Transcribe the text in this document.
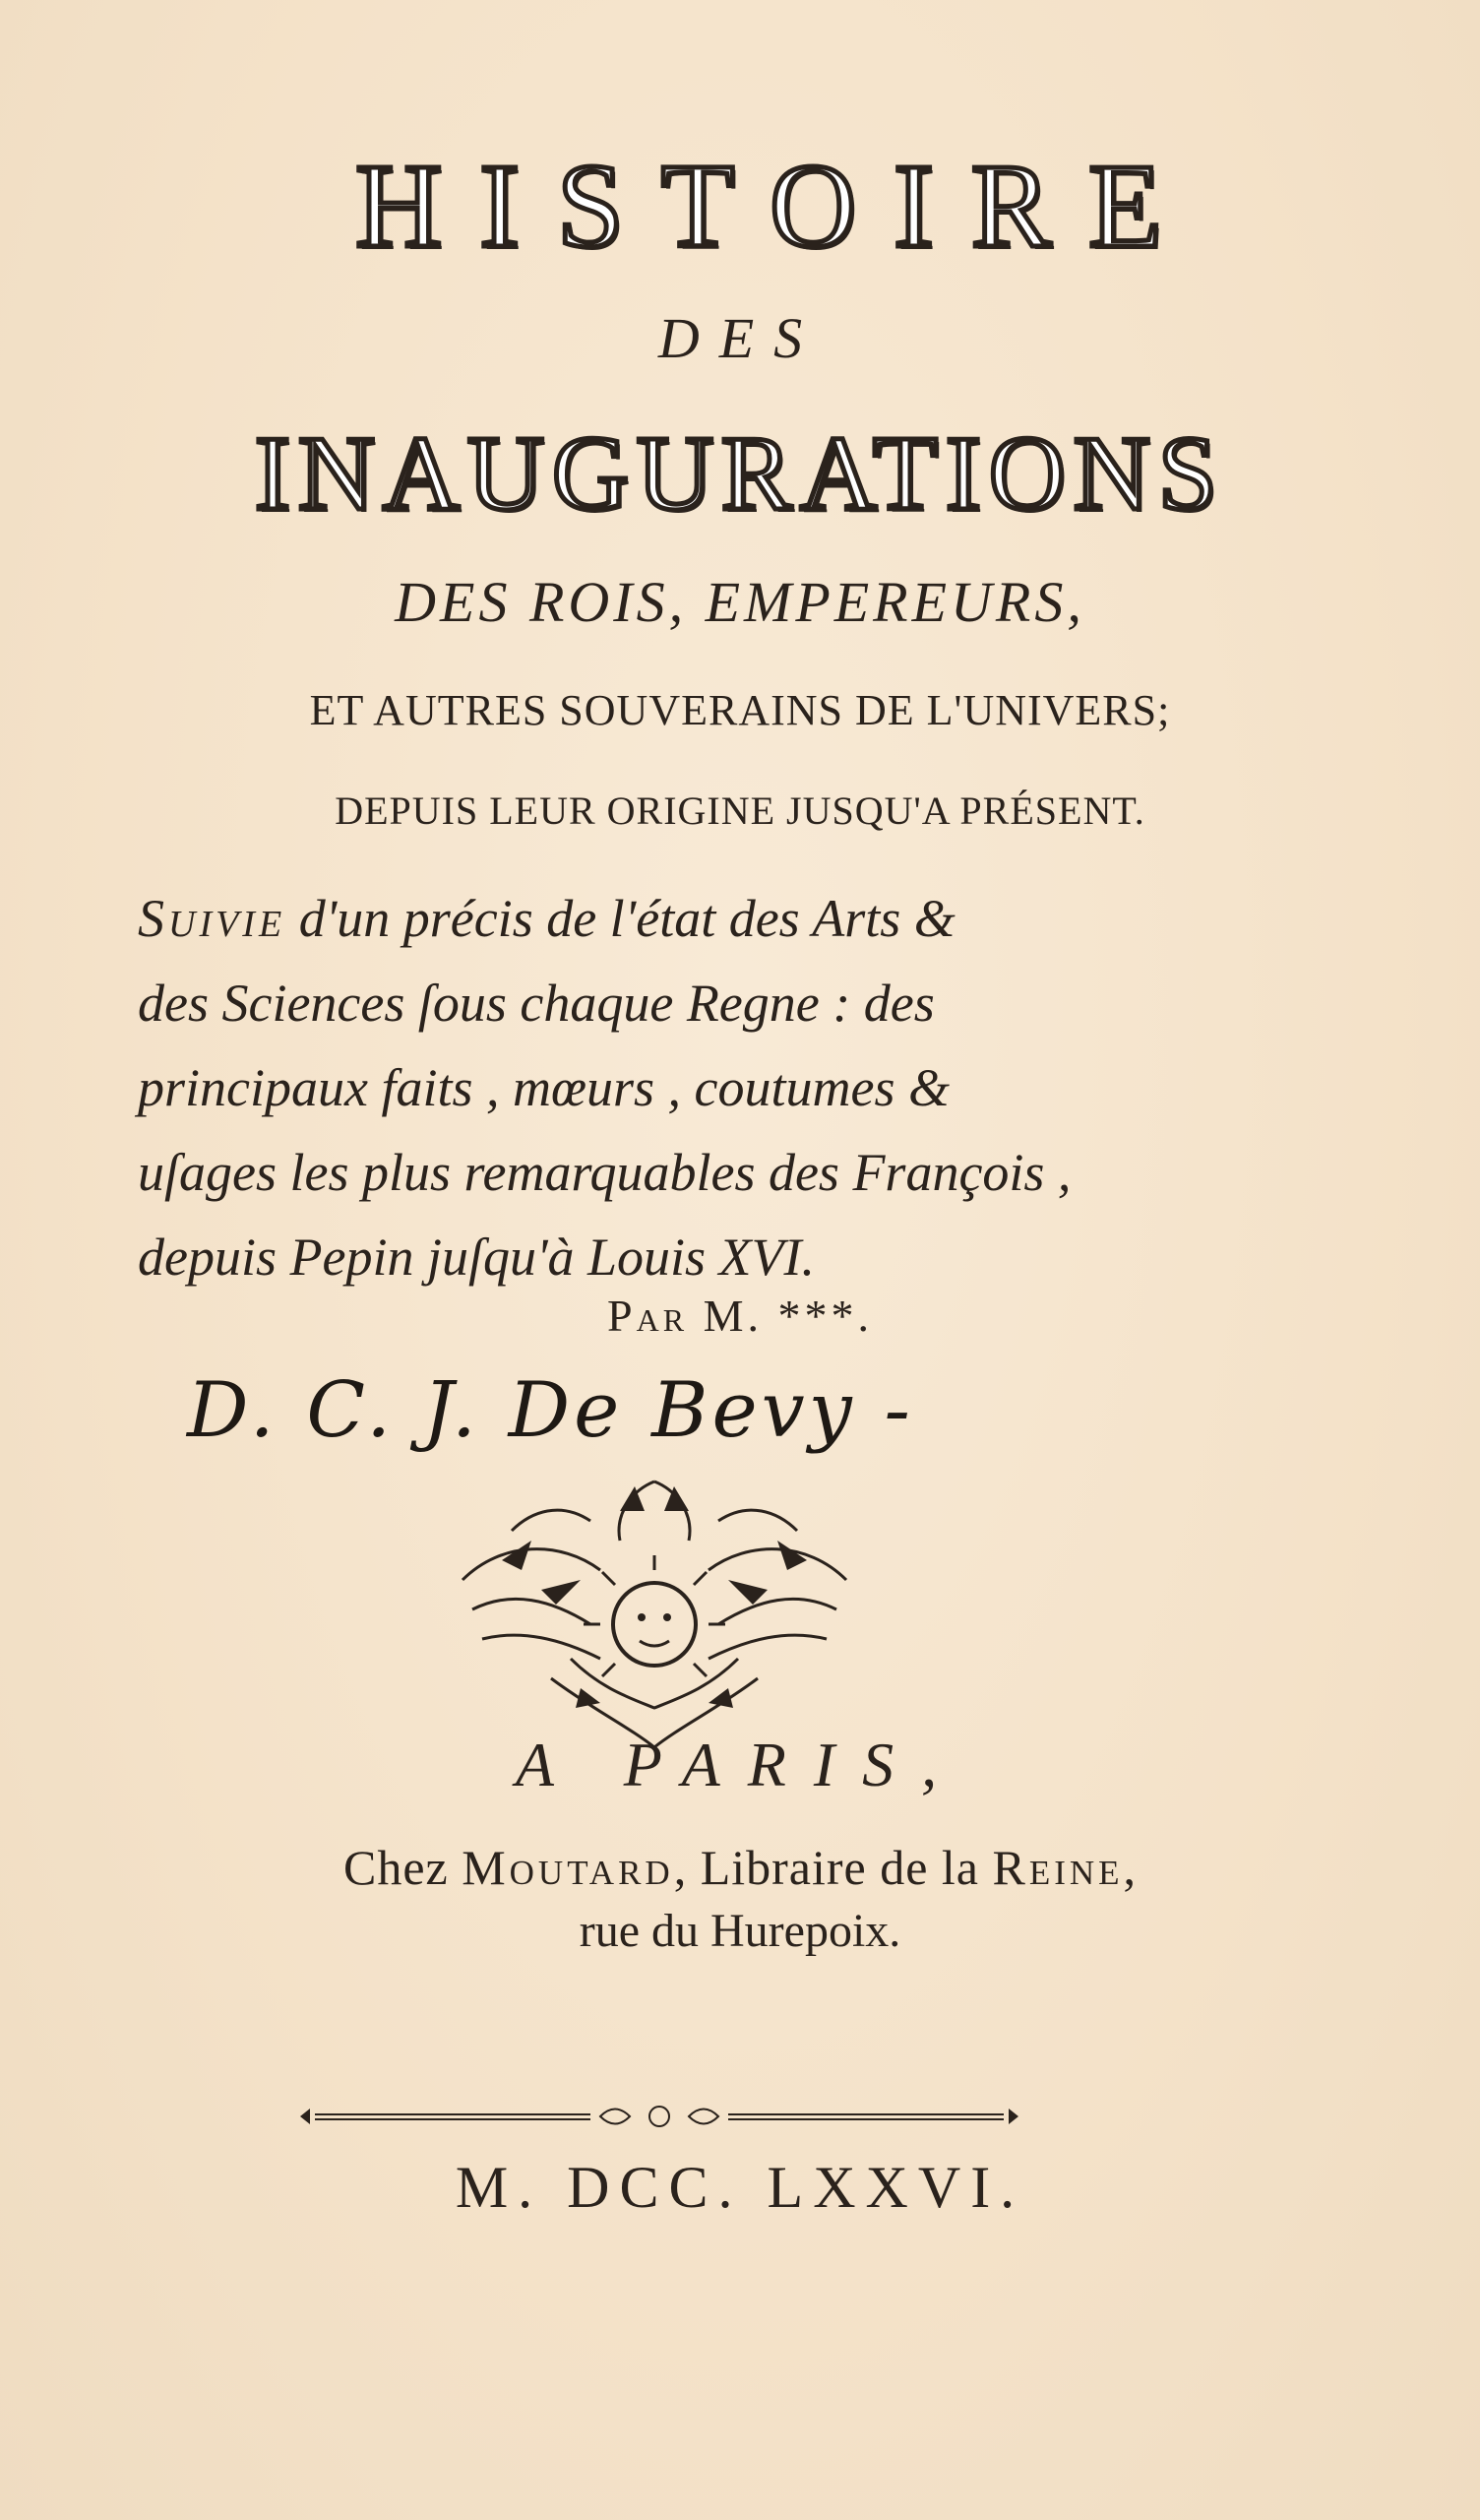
HISTOIRE
DES
INAUGURATIONS
DES ROIS, EMPEREURS,
ET AUTRES SOUVERAINS DE L'UNIVERS;
DEPUIS LEUR ORIGINE JUSQU'A PRÉSENT.
Suivie d'un précis de l'état des Arts &
des Sciences ſous chaque Regne : des
principaux faits , mœurs , coutumes &
uſages les plus remarquables des François ,
depuis Pepin juſqu'à Louis XVI.
Par M. ***.
D. C. J. De Bevy -
A PARIS,
Chez Moutard, Libraire de la Reine,
rue du Hurepoix.
M. DCC. LXXVI.
